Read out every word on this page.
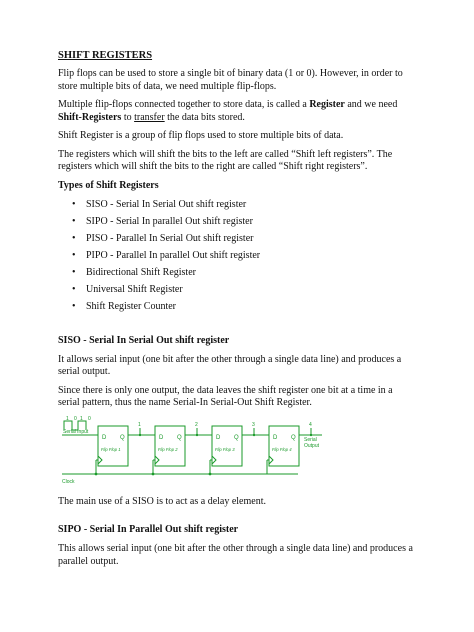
SHIFT REGISTERS

Flip flops can be used to store a single bit of binary data (1 or 0). However, in order to store multiple bits of data, we need multiple flip-flops.

Multiple flip-flops connected together to store data, is called a Register and we need Shift-Registers to transfer the data bits stored.

Shift Register is a group of flip flops used to store multiple bits of data.

The registers which will shift the bits to the left are called “Shift left registers”. The registers which will shift the bits to the right are called “Shift right registers”.

Types of Shift Registers
• SISO - Serial In Serial Out shift register
• SIPO - Serial In parallel Out shift register
• PISO - Parallel In Serial Out shift register
• PIPO - Parallel In parallel Out shift register
• Bidirectional Shift Register
• Universal Shift Register
• Shift Register Counter
SISO - Serial In Serial Out shift register

It allows serial input (one bit after the other through a single data line) and produces a serial output.

Since there is only one output, the data leaves the shift register one bit at a time in a serial pattern, thus the name Serial-In Serial-Out Shift Register.

1 0 1 0
Serial Input
Clock
Serial
Output
1	2	3	4
D Q	D Q	D Q	D Q
Flip Flop 1	Flip Flop 2	Flip Flop 3	Flip Flop 4

The main use of a SISO is to act as a delay element.

SIPO - Serial In Parallel Out shift register

This allows serial input (one bit after the other through a single data line) and produces a parallel output.
